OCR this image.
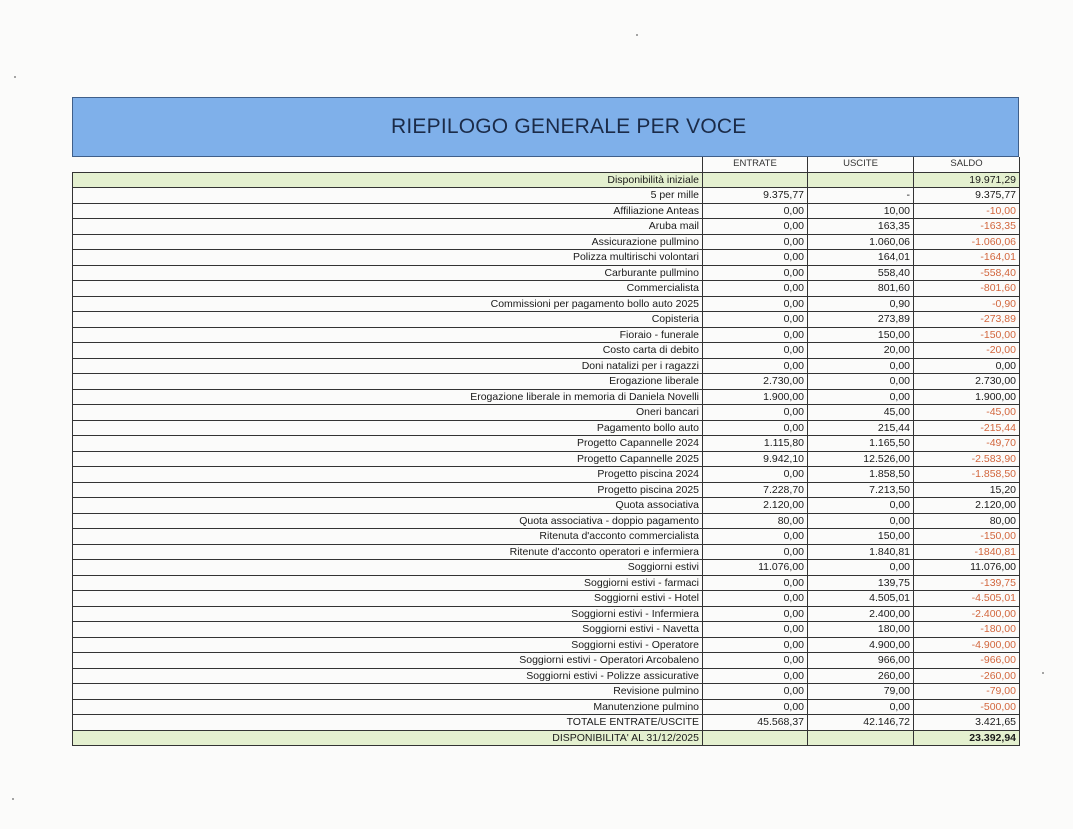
RIEPILOGO GENERALE PER VOCE
	ENTRATE	USCITE	SALDO
Disponibilità iniziale			19.971,29
5 per mille	9.375,77	-	9.375,77
Affiliazione Anteas	0,00	10,00	-10,00
Aruba mail	0,00	163,35	-163,35
Assicurazione pullmino	0,00	1.060,06	-1.060,06
Polizza multirischi volontari	0,00	164,01	-164,01
Carburante pullmino	0,00	558,40	-558,40
Commercialista	0,00	801,60	-801,60
Commissioni per pagamento bollo auto 2025	0,00	0,90	-0,90
Copisteria	0,00	273,89	-273,89
Fioraio - funerale	0,00	150,00	-150,00
Costo carta di debito	0,00	20,00	-20,00
Doni natalizi per i ragazzi	0,00	0,00	0,00
Erogazione liberale	2.730,00	0,00	2.730,00
Erogazione liberale in memoria di Daniela Novelli	1.900,00	0,00	1.900,00
Oneri bancari	0,00	45,00	-45,00
Pagamento bollo auto	0,00	215,44	-215,44
Progetto Capannelle 2024	1.115,80	1.165,50	-49,70
Progetto Capannelle 2025	9.942,10	12.526,00	-2.583,90
Progetto piscina 2024	0,00	1.858,50	-1.858,50
Progetto piscina 2025	7.228,70	7.213,50	15,20
Quota associativa	2.120,00	0,00	2.120,00
Quota associativa - doppio pagamento	80,00	0,00	80,00
Ritenuta d'acconto commercialista	0,00	150,00	-150,00
Ritenute d'acconto operatori e infermiera	0,00	1.840,81	-1840,81
Soggiorni estivi	11.076,00	0,00	11.076,00
Soggiorni estivi - farmaci	0,00	139,75	-139,75
Soggiorni estivi - Hotel	0,00	4.505,01	-4.505,01
Soggiorni estivi - Infermiera	0,00	2.400,00	-2.400,00
Soggiorni estivi - Navetta	0,00	180,00	-180,00
Soggiorni estivi - Operatore	0,00	4.900,00	-4.900,00
Soggiorni estivi - Operatori Arcobaleno	0,00	966,00	-966,00
Soggiorni estivi - Polizze assicurative	0,00	260,00	-260,00
Revisione pulmino	0,00	79,00	-79,00
Manutenzione pulmino	0,00	0,00	-500,00
TOTALE ENTRATE/USCITE	45.568,37	42.146,72	3.421,65
DISPONIBILITA' AL 31/12/2025			23.392,94
